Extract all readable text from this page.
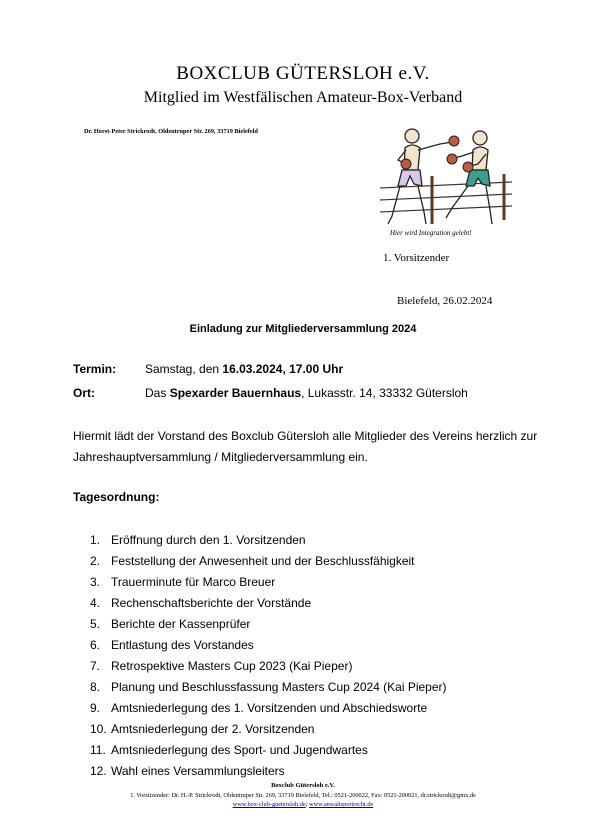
BOXCLUB GÜTERSLOH e.V.
Mitglied im Westfälischen Amateur-Box-Verband
Dr. Horst-Peter Strickrodt, Oldentruper Str. 269, 33719 Bielefeld
Hier wird Integration gelebt!
1. Vorsitzender
Bielefeld, 26.02.2024
Einladung zur Mitgliederversammlung 2024
Termin: Samstag, den 16.03.2024, 17.00 Uhr
Ort:	Das Spexarder Bauernhaus, Lukasstr. 14, 33332 Gütersloh
Hiermit lädt der Vorstand des Boxclub Gütersloh alle Mitglieder des Vereins herzlich zur Jahreshauptversammlung / Mitgliederversammlung ein.
Tagesordnung:
1. Eröffnung durch den 1. Vorsitzenden
2. Feststellung der Anwesenheit und der Beschlussfähigkeit
3. Trauerminute für Marco Breuer
4. Rechenschaftsberichte der Vorstände
5. Berichte der Kassenprüfer
6. Entlastung des Vorstandes
7. Retrospektive Masters Cup 2023 (Kai Pieper)
8. Planung und Beschlussfassung Masters Cup 2024 (Kai Pieper)
9. Amtsniederlegung des 1. Vorsitzenden und Abschiedsworte
10. Amtsniederlegung der 2. Vorsitzenden
11. Amtsniederlegung des Sport- und Jugendwartes
12. Wahl eines Versammlungsleiters
Boxclub Gütersloh e.V.
1. Vorsitzender: Dr. H.-P. Strickrodt, Oldentruper Str. 269, 33719 Bielefeld, Tel.: 0521-200022, Fax: 0521-200021, dr.strickrodt@gmx.de
www.box-club-guetersloh.de; www.anwaltsportrecht.de
